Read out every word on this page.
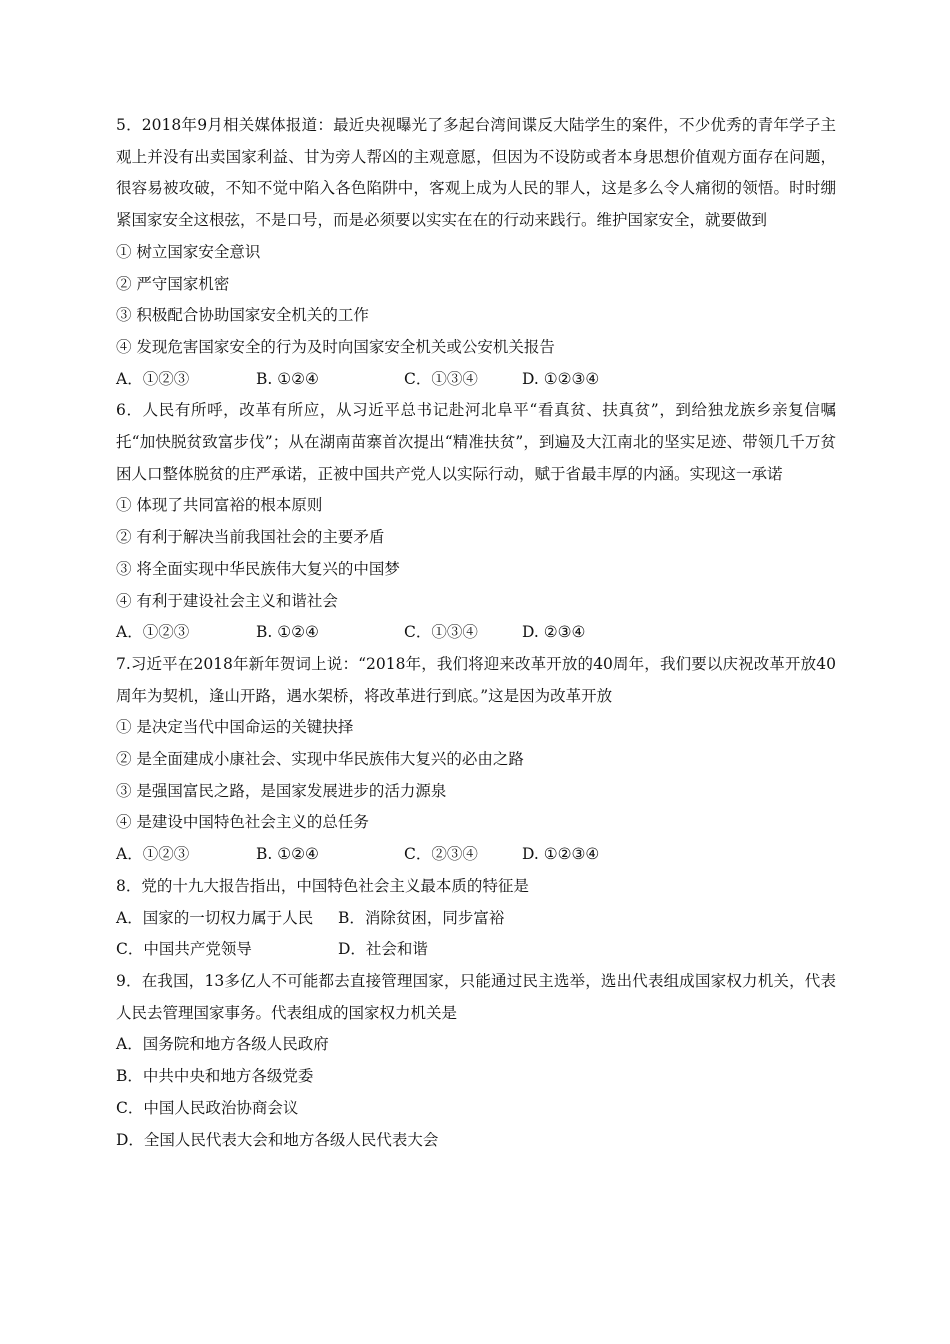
5．2018年9月相关媒体报道：最近央视曝光了多起台湾间谍反大陆学生的案件，不少优秀的青年学子主观上并没有出卖国家利益、甘为旁人帮凶的主观意愿，但因为不设防或者本身思想价值观方面存在问题，很容易被攻破，不知不觉中陷入各色陷阱中，客观上成为人民的罪人，这是多么令人痛彻的领悟。时时绷紧国家安全这根弦，不是口号，而是必须要以实实在在的行动来践行。维护国家安全，就要做到
① 树立国家安全意识
② 严守国家机密
③ 积极配合协助国家安全机关的工作
④ 发现危害国家安全的行为及时向国家安全机关或公安机关报告
A．①②③	B. ①②④	C．①③④	D. ①②③④
6．人民有所呼，改革有所应，从习近平总书记赴河北阜平“看真贫、扶真贫”，到给独龙族乡亲复信嘱托“加快脱贫致富步伐”；从在湖南苗寨首次提出“精准扶贫”，到遍及大江南北的坚实足迹、带领几千万贫困人口整体脱贫的庄严承诺，正被中国共产党人以实际行动，赋于省最丰厚的内涵。实现这一承诺
① 体现了共同富裕的根本原则
② 有利于解决当前我国社会的主要矛盾
③ 将全面实现中华民族伟大复兴的中国梦
④ 有利于建设社会主义和谐社会
A．①②③	B. ①②④	C．①③④	D. ②③④
7.习近平在2018年新年贺词上说：“2018年，我们将迎来改革开放的40周年，我们要以庆祝改革开放40周年为契机，逢山开路，遇水架桥，将改革进行到底。”这是因为改革开放
① 是决定当代中国命运的关键抉择
② 是全面建成小康社会、实现中华民族伟大复兴的必由之路
③ 是强国富民之路，是国家发展进步的活力源泉
④ 是建设中国特色社会主义的总任务
A．①②③	B. ①②④	C．②③④	D. ①②③④
8．党的十九大报告指出，中国特色社会主义最本质的特征是
A．国家的一切权力属于人民	B．消除贫困，同步富裕
C．中国共产党领导	D．社会和谐
9．在我国，13多亿人不可能都去直接管理国家，只能通过民主选举，选出代表组成国家权力机关，代表人民去管理国家事务。代表组成的国家权力机关是
A．国务院和地方各级人民政府
B．中共中央和地方各级党委
C．中国人民政治协商会议
D．全国人民代表大会和地方各级人民代表大会
